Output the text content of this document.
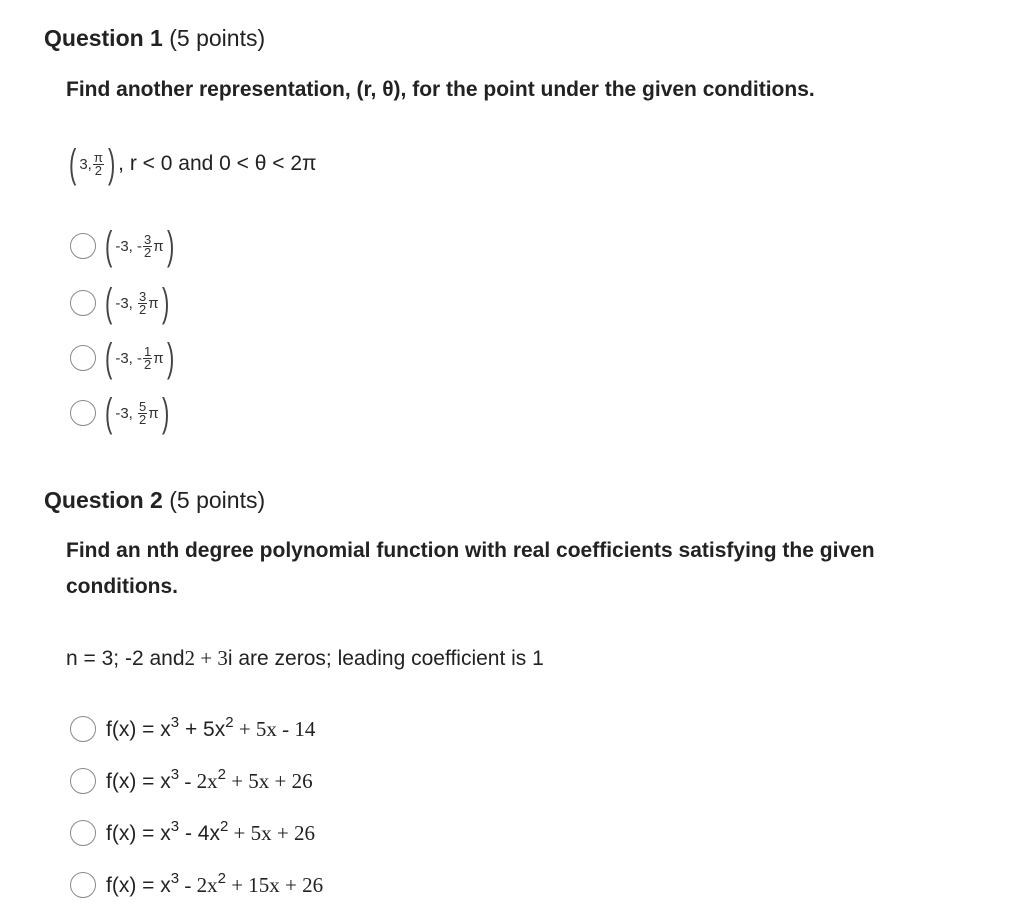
Question 1 (5 points)
Find another representation, (r, θ), for the point under the given conditions.
( 3, $\frac{\pi}{2}$ ) , r < 0 and 0 < θ < 2π
( -3,
- $\frac{3}{2}$ π )
( -3,
$\frac{3}{2}$ π )
( -3,
- $\frac{1}{2}$ π )
( -3,
$\frac{5}{2}$ π )
Question 2 (5 points)
Find an nth degree polynomial function with real coefficients satisfying the given
conditions.
n = 3; -2 and 2 + 3 i are zeros; leading coefficient is 1
$f(x) = x^3 + 5x^2 + 5x - 14$
$f(x) = x^3 - 2x^2 + 5x + 26$
$f(x) = x^3 - 4x^2 + 5x + 26$
$f(x) = x^3 - 2x^2 + 15x + 26$
